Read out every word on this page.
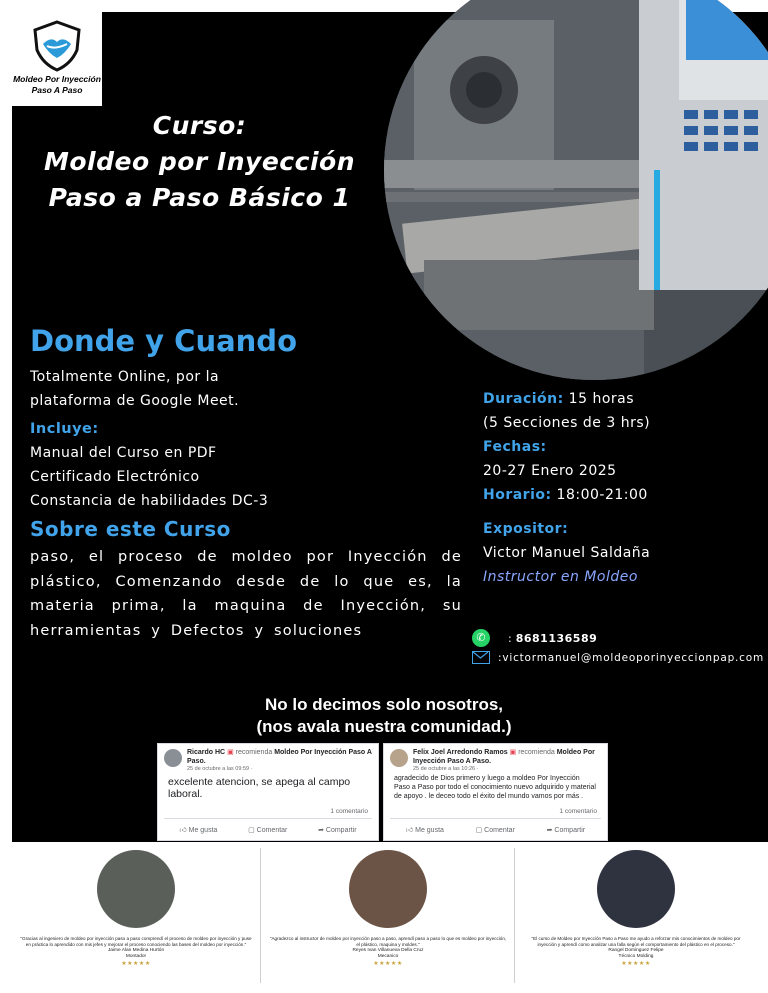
Moldeo Por Inyección
Paso A Paso
Curso:
Moldeo por Inyección
Paso a Paso Básico 1
Donde y Cuando
Totalmente Online, por la
plataforma de Google Meet.
Incluye:
Manual del Curso en PDF
Certificado Electrónico
Constancia de habilidades DC-3
Sobre este Curso
paso, el proceso de moldeo por Inyección de plástico, Comenzando desde de lo que es, la materia prima, la maquina de Inyección, su herramientas y Defectos y soluciones
Duración: 15 horas
(5 Secciones de 3 hrs)
Fechas:
20-27 Enero 2025
Horario: 18:00-21:00
Expositor:
Victor Manuel Saldaña
Instructor en Moldeo
✆	: 8681136589
:victormanuel@moldeoporinyeccionpap.com
No lo decimos solo nosotros,
(nos avala nuestra comunidad.)
Ricardo HC ▣ recomienda Moldeo Por Inyección Paso A Paso.
25 de octubre a las 09:59 ·
excelente atencion, se apega al campo laboral.
1 comentario
👍︎ Me gusta	▢ Comentar	➦ Compartir
Felix Joel Arredondo Ramos ▣ recomienda Moldeo Por Inyección Paso A Paso.
25 de octubre a las 10:26 ·
agradecido de Dios primero y luego a moldeo Por Inyección Paso a Paso por todo el conocimiento nuevo adquirido y material de apoyo . le deceo todo el éxito del mundo vamos por más .
1 comentario
👍︎ Me gusta	▢ Comentar	➦ Compartir
"Gracias al ingeniero de moldeo por inyección paso a paso comprendí el proceso de moldeo por inyección y puse en práctica lo aprendido con mis jefes y mejorar el proceso conociendo las bases del moldeo por inyección."
Jaime Alan Medina Hurtón
Montador
★★★★★
"Agradezco al instructor de moldeo por inyección paso a paso, aprendí paso a paso lo que es moldeo por inyección, el plástico, maquina y moldes."
Reyes Ivan Villanueva Della Cruz
Mecanico
★★★★★
"El curso de Moldeo por Inyección Paso a Paso me ayudo a reforzar mis conocimientos de moldeo por inyección y aprendí como analizar una falla según el comportamiento del plástico en el proceso."
Rangel Dominguez Felipe
Técnico Molding
★★★★★
